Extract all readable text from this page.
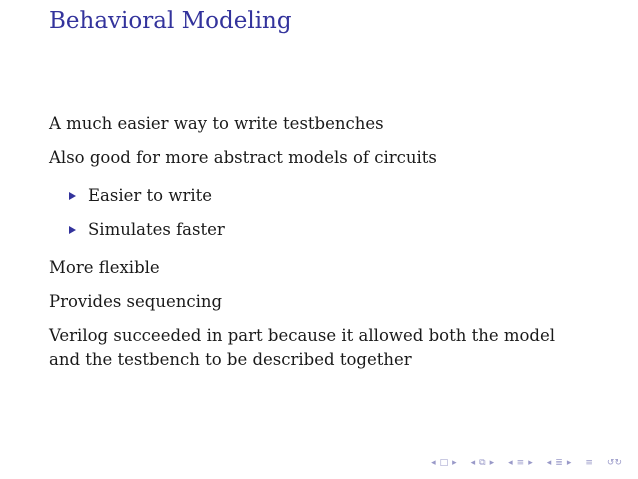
Behavioral Modeling

A much easier way to write testbenches

Also good for more abstract models of circuits

Easier to write
Simulates faster

More flexible

Provides sequencing

Verilog succeeded in part because it allowed both the model and the testbench to be described together

◂ □ ▸ ◂ ⧉ ▸ ◂ ≡ ▸ ◂ ≣ ▸ ≡ ↺↻
